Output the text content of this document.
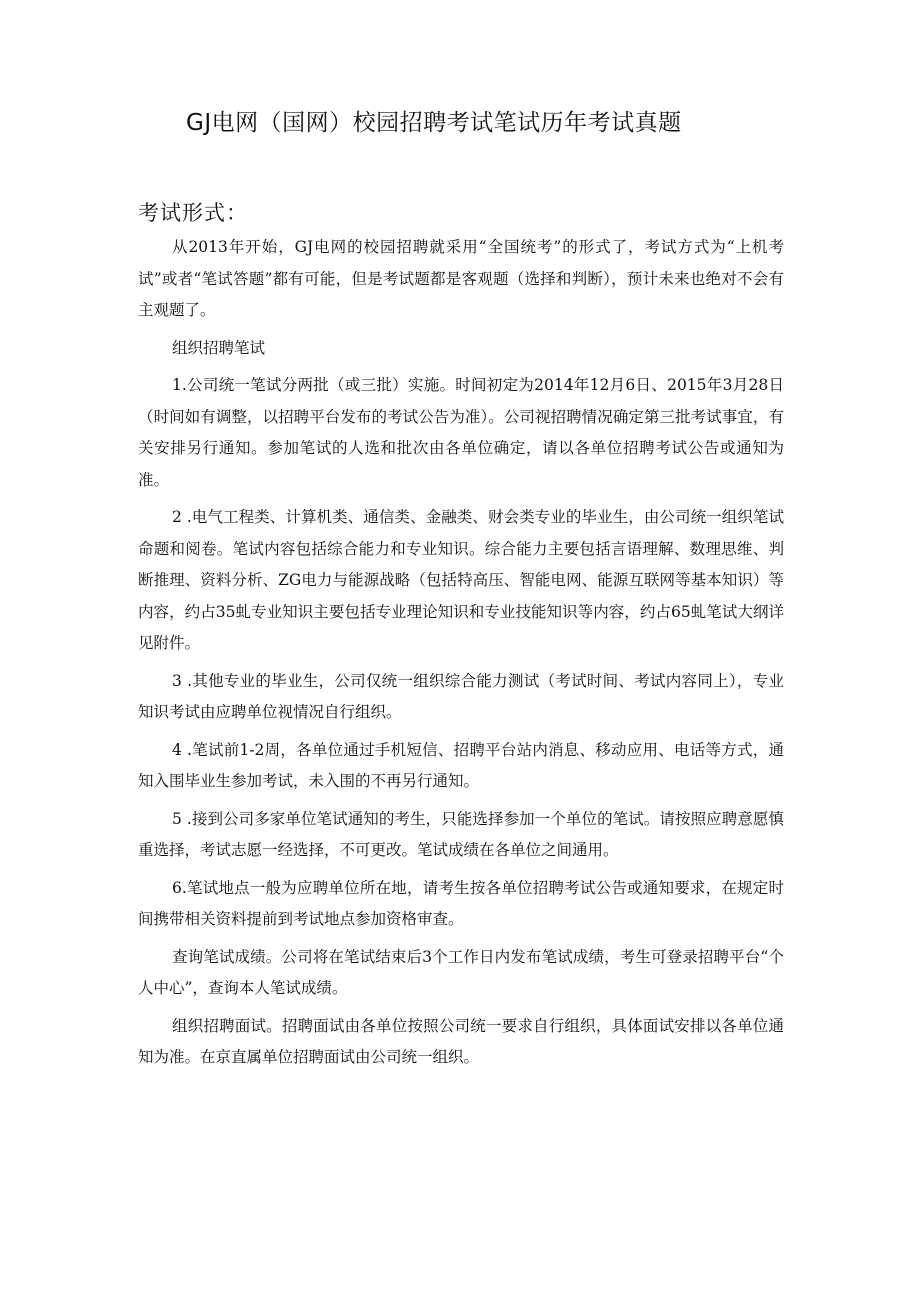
GJ电网（国网）校园招聘考试笔试历年考试真题
考试形式：

从2013年开始，GJ电网的校园招聘就采用“全国统考”的形式了，考试方式为“上机考试”或者“笔试答题”都有可能，但是考试题都是客观题（选择和判断），预计未来也绝对不会有主观题了。

组织招聘笔试

1.公司统一笔试分两批（或三批）实施。时间初定为2014年12月6日、2015年3月28日（时间如有调整，以招聘平台发布的考试公告为准）。公司视招聘情况确定第三批考试事宜，有关安排另行通知。参加笔试的人选和批次由各单位确定，请以各单位招聘考试公告或通知为准。

2 .电气工程类、计算机类、通信类、金融类、财会类专业的毕业生，由公司统一组织笔试命题和阅卷。笔试内容包括综合能力和专业知识。综合能力主要包括言语理解、数理思维、判断推理、资料分析、ZG电力与能源战略（包括特高压、智能电网、能源互联网等基本知识）等内容，约占35虬专业知识主要包括专业理论知识和专业技能知识等内容，约占65虬笔试大纲详见附件。

3 .其他专业的毕业生，公司仅统一组织综合能力测试（考试时间、考试内容同上），专业知识考试由应聘单位视情况自行组织。

4 .笔试前1-2周，各单位通过手机短信、招聘平台站内消息、移动应用、电话等方式，通知入围毕业生参加考试，未入围的不再另行通知。

5 .接到公司多家单位笔试通知的考生，只能选择参加一个单位的笔试。请按照应聘意愿慎重选择，考试志愿一经选择，不可更改。笔试成绩在各单位之间通用。

6.笔试地点一般为应聘单位所在地，请考生按各单位招聘考试公告或通知要求，在规定时间携带相关资料提前到考试地点参加资格审查。

查询笔试成绩。公司将在笔试结束后3个工作日内发布笔试成绩，考生可登录招聘平台“个人中心”，查询本人笔试成绩。

组织招聘面试。招聘面试由各单位按照公司统一要求自行组织，具体面试安排以各单位通知为准。在京直属单位招聘面试由公司统一组织。
